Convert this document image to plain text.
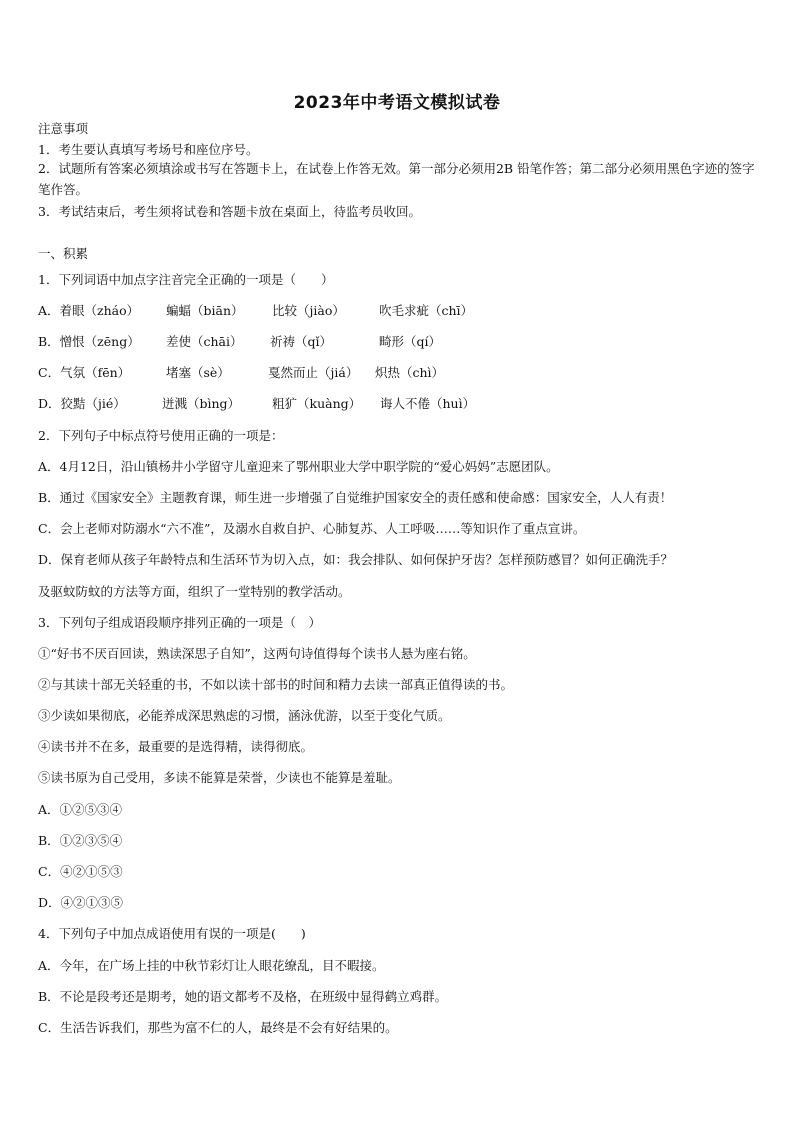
2023年中考语文模拟试卷
注意事项
1．考生要认真填写考场号和座位序号。
2．试题所有答案必须填涂或书写在答题卡上，在试卷上作答无效。第一部分必须用2B 铅笔作答；第二部分必须用黑色字迹的签字笔作答。
3．考试结束后，考生须将试卷和答题卡放在桌面上，待监考员收回。
一、积累
1．下列词语中加点字注音完全正确的一项是（　　）
A．着眼（zháo） 蝙蝠（biān） 比较（jiào）	吹毛求疵（chī）
B．憎恨（zēng） 差使（chāi） 祈祷（qǐ）	畸形（qí）
C．气氛（fēn）	堵塞（sè）	戛然而止（jiá） 炽热（chì）
D．狡黠（jié）	迸溅（bìng）	粗犷（kuàng） 诲人不倦（huì）
2．下列句子中标点符号使用正确的一项是：
A．4月12日，沿山镇杨井小学留守儿童迎来了鄂州职业大学中职学院的“爱心妈妈”志愿团队。
B．通过《国家安全》主题教育课，师生进一步增强了自觉维护国家安全的责任感和使命感：国家安全，人人有责！
C．会上老师对防溺水“六不准”，及溺水自救自护、心肺复苏、人工呼吸……等知识作了重点宣讲。
D．保育老师从孩子年龄特点和生活环节为切入点，如：我会排队、如何保护牙齿？怎样预防感冒？如何正确洗手？
及驱蚊防蚊的方法等方面，组织了一堂特别的教学活动。
3．下列句子组成语段顺序排列正确的一项是（　）
①“好书不厌百回读，熟读深思子自知”，这两句诗值得每个读书人悬为座右铭。
②与其读十部无关轻重的书，不如以读十部书的时间和精力去读一部真正值得读的书。
③少读如果彻底，必能养成深思熟虑的习惯，涵泳优游，以至于变化气质。
④读书并不在多，最重要的是选得精，读得彻底。
⑤读书原为自己受用，多读不能算是荣誉，少读也不能算是羞耻。
A．①②⑤③④
B．①②③⑤④
C．④②①⑤③
D．④②①③⑤
4．下列句子中加点成语使用有误的一项是(　　)
A．今年，在广场上挂的中秋节彩灯让人眼花缭乱，目不暇接。
B．不论是段考还是期考，她的语文都考不及格，在班级中显得鹤立鸡群。
C．生活告诉我们，那些为富不仁的人，最终是不会有好结果的。
